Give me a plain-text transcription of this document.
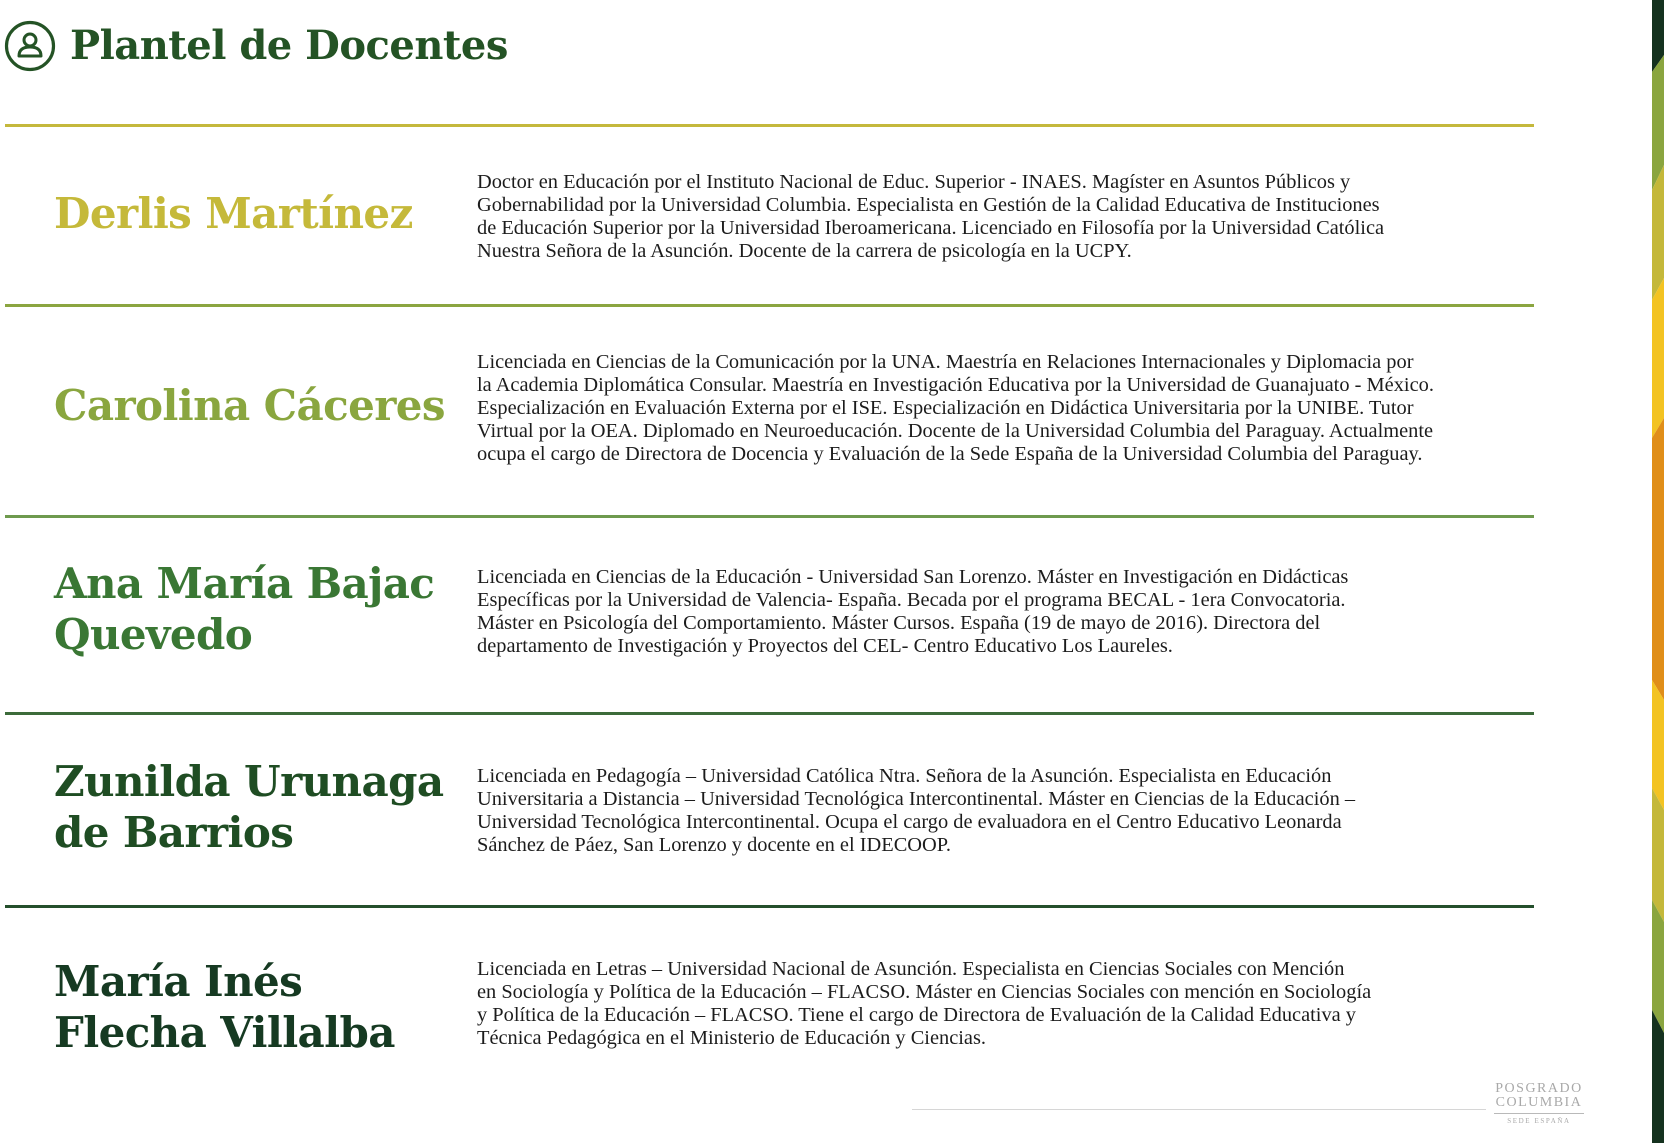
Plantel de Docentes
Derlis Martínez
Doctor en Educación por el Instituto Nacional de Educ. Superior - INAES. Magíster en Asuntos Públicos y
Gobernabilidad por la Universidad Columbia. Especialista en Gestión de la Calidad Educativa de Instituciones
de Educación Superior por la Universidad Iberoamericana. Licenciado en Filosofía por la Universidad Católica
Nuestra Señora de la Asunción. Docente de la carrera de psicología en la UCPY.
Carolina Cáceres
Licenciada en Ciencias de la Comunicación por la UNA. Maestría en Relaciones Internacionales y Diplomacia por
la Academia Diplomática Consular. Maestría en Investigación Educativa por la Universidad de Guanajuato - México.
Especialización en Evaluación Externa por el ISE. Especialización en Didáctica Universitaria por la UNIBE. Tutor
Virtual por la OEA. Diplomado en Neuroeducación. Docente de la Universidad Columbia del Paraguay. Actualmente
ocupa el cargo de Directora de Docencia y Evaluación de la Sede España de la Universidad Columbia del Paraguay.
Ana María Bajac
Quevedo
Licenciada en Ciencias de la Educación - Universidad San Lorenzo. Máster en Investigación en Didácticas
Específicas por la Universidad de Valencia- España. Becada por el programa BECAL - 1era Convocatoria.
Máster en Psicología del Comportamiento. Máster Cursos. España (19 de mayo de 2016). Directora del
departamento de Investigación y Proyectos del CEL- Centro Educativo Los Laureles.
Zunilda Urunaga
de Barrios
Licenciada en Pedagogía – Universidad Católica Ntra. Señora de la Asunción. Especialista en Educación
Universitaria a Distancia – Universidad Tecnológica Intercontinental. Máster en Ciencias de la Educación –
Universidad Tecnológica Intercontinental. Ocupa el cargo de evaluadora en el Centro Educativo Leonarda
Sánchez de Páez, San Lorenzo y docente en el IDECOOP.
María Inés
Flecha Villalba
Licenciada en Letras – Universidad Nacional de Asunción. Especialista en Ciencias Sociales con Mención
en Sociología y Política de la Educación – FLACSO. Máster en Ciencias Sociales con mención en Sociología
y Política de la Educación – FLACSO. Tiene el cargo de Directora de Evaluación de la Calidad Educativa y
Técnica Pedagógica en el Ministerio de Educación y Ciencias.
POSGRADO
COLUMBIA
SEDE ESPAÑA
